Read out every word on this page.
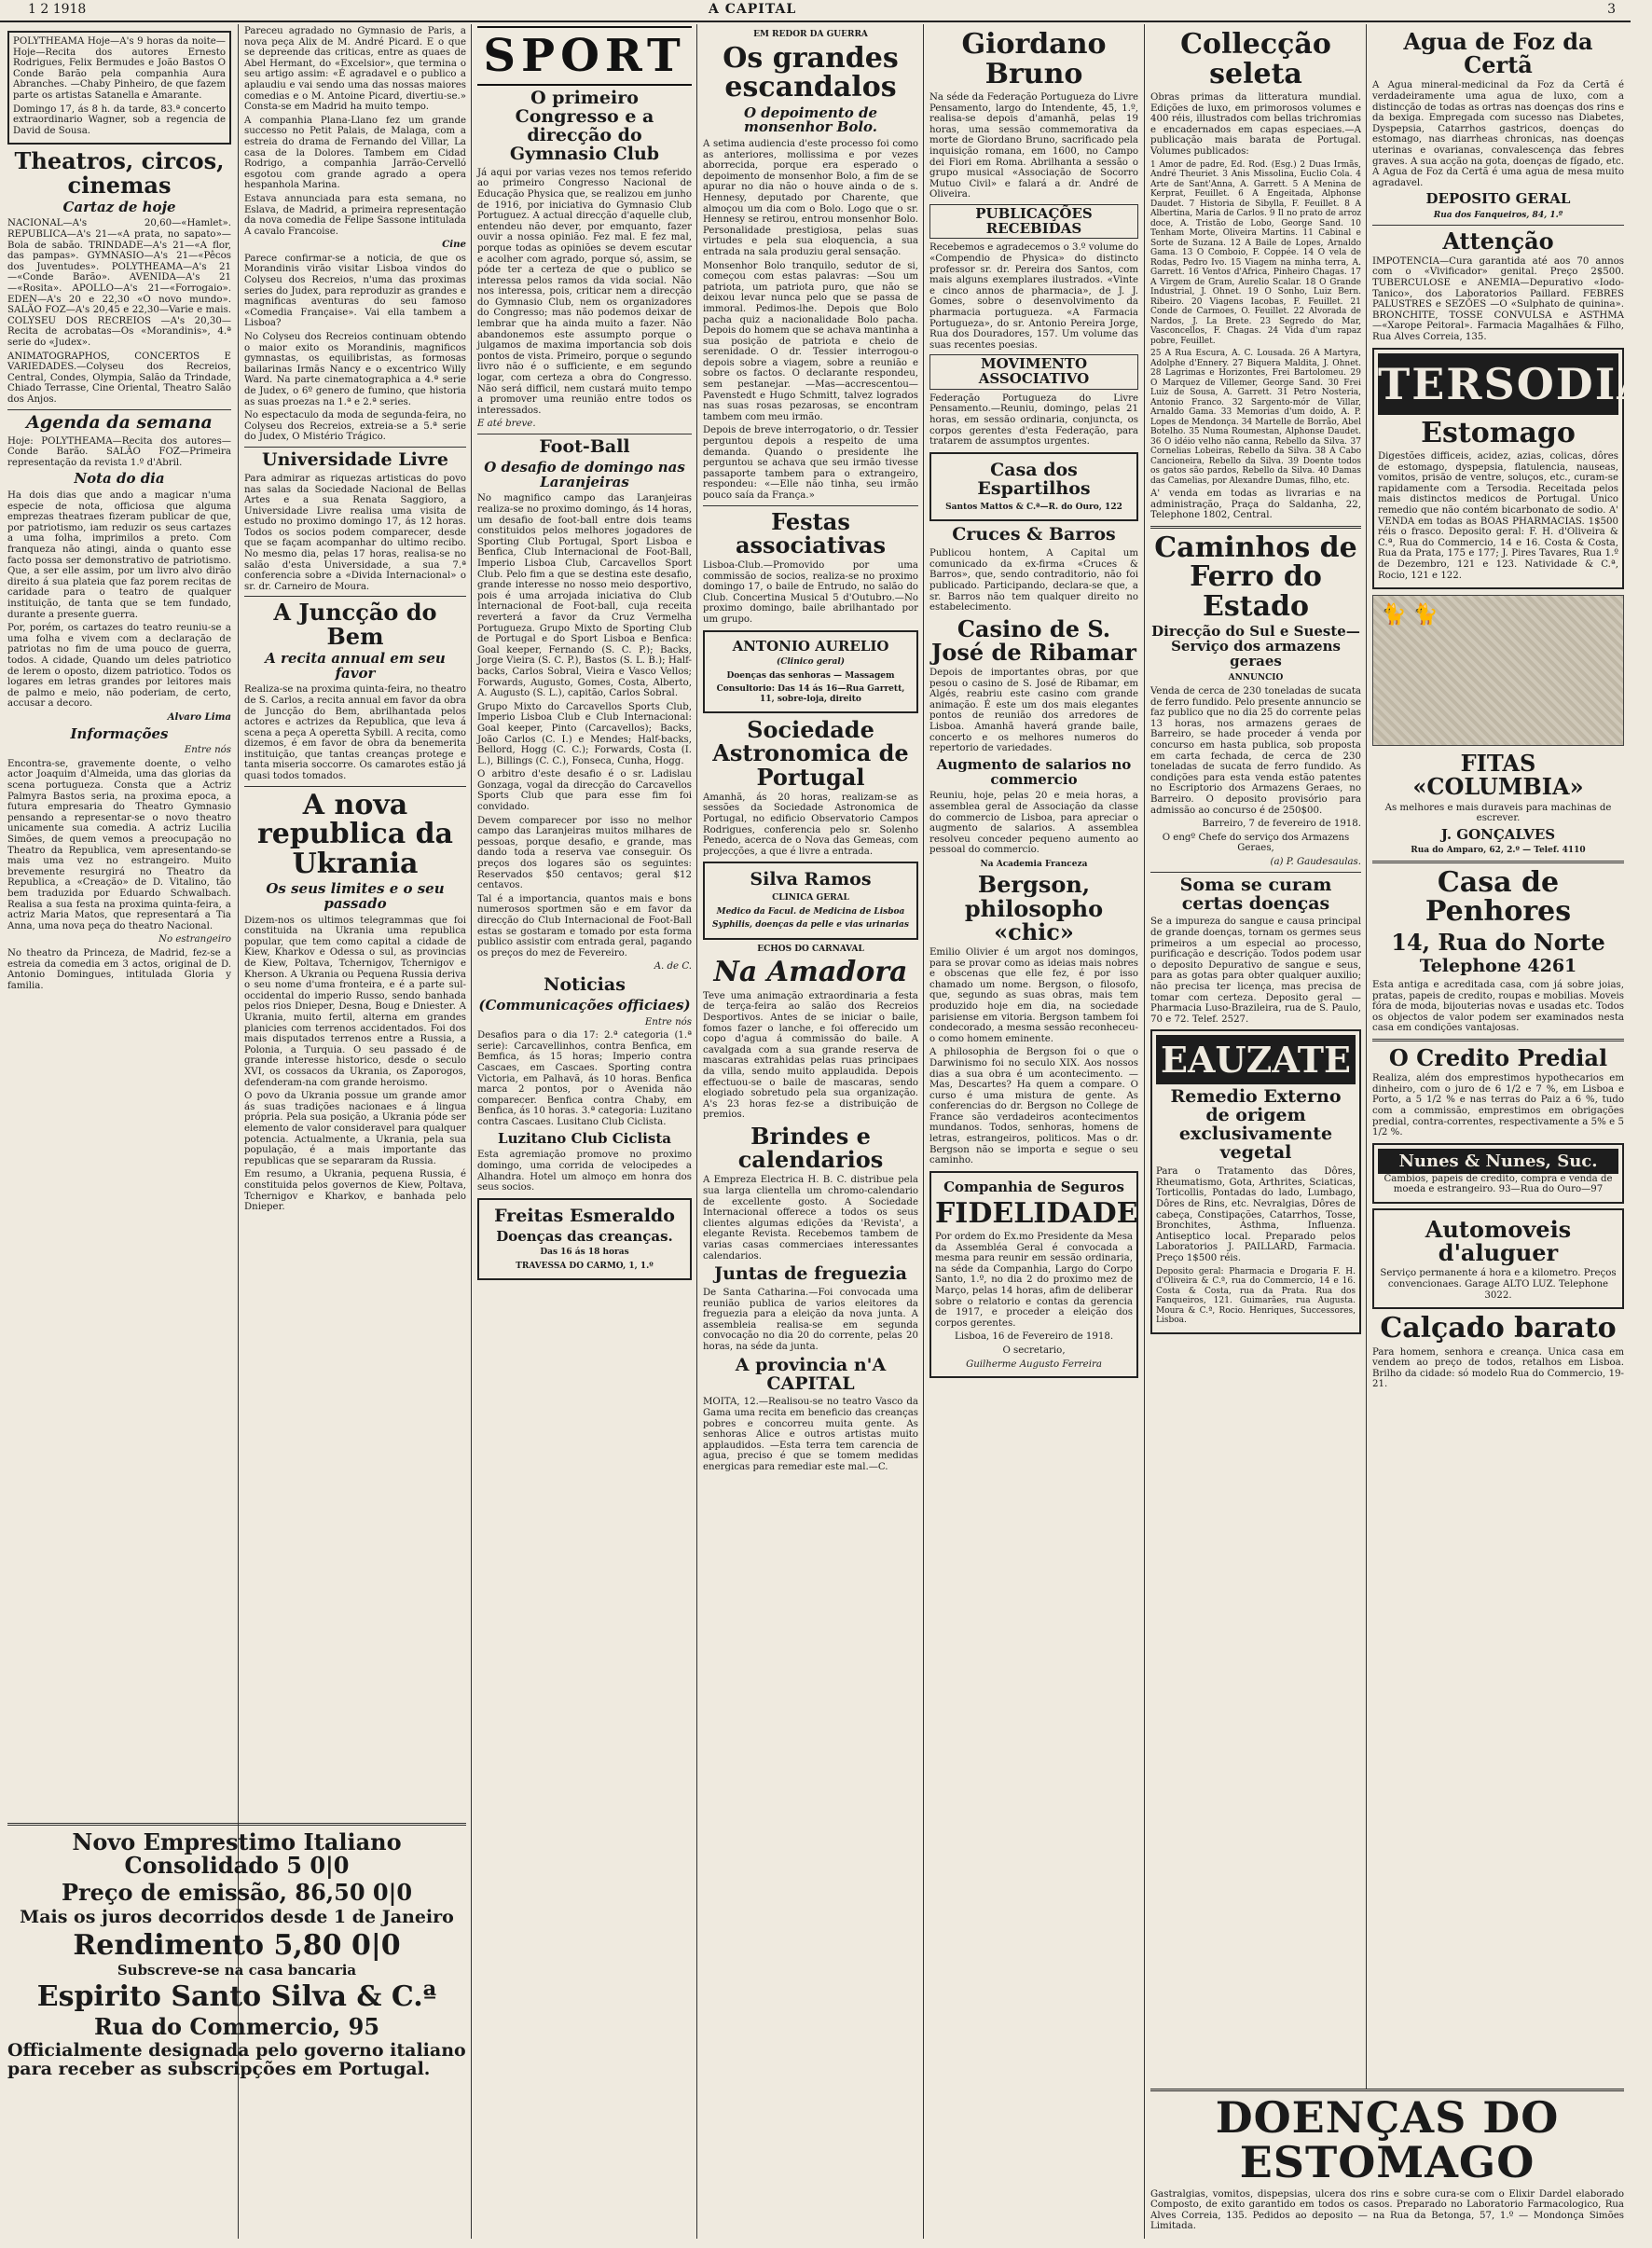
1 2 1918	A CAPITAL	3

POLYTHEAMA Hoje—A's 9 horas da noite—Hoje—Recita dos autores Ernesto Rodrigues, Felix Bermudes e João Bastos O Conde Barão pela companhia Aura Abranches. —Chaby Pinheiro, de que fazem parte os artistas Satanella e Amarante.

Domingo 17, ás 8 h. da tarde, 83.ª concerto extraordinario Wagner, sob a regencia de David de Sousa.

Theatros, circos, cinemas
Cartaz de hoje

NACIONAL—A's 20,60—«Hamlet». REPUBLICA—A's 21—«A prata, no sapato»—Bola de sabão. TRINDADE—A's 21—«A flor, das pampas». GYMNASIO—A's 21—«Pêcos dos Juventudes». POLYTHEAMA—A's 21—«Conde Barão». AVENIDA—A's 21—«Rosita». APOLLO—A's 21—«Forrogaio». EDEN—A's 20 e 22,30 «O novo mundo». SALÃO FOZ—A's 20,45 e 22,30—Varie e mais. COLYSEU DOS RECREIOS —A's 20,30—Recita de acrobatas—Os «Morandinis», 4.ª serie do «Judex».

ANIMATOGRAPHOS, CONCERTOS E VARIEDADES.—Colyseu dos Recreios, Central, Condes, Olympia, Salão da Trindade, Chiado Terrasse, Cine Oriental, Theatro Salão dos Anjos.

Agenda da semana

Hoje: POLYTHEAMA—Recita dos autores—Conde Barão. SALÃO FOZ—Primeira representação da revista 1.º d'Abril.

Nota do dia

Ha dois dias que ando a magicar n'uma especie de nota, officiosa que alguma emprezas theatraes fizeram publicar de que, por patriotismo, iam reduzir os seus cartazes a uma folha, imprimilos a preto. Com franqueza não atingi, ainda o quanto esse facto possa ser demonstrativo de patriotismo. Que, a ser elle assim, por um livro alvo dirão direito á sua plateia que faz porem recitas de caridade para o teatro de qualquer instituição, de tanta que se tem fundado, durante a presente guerra.

Por, porém, os cartazes do teatro reuniu-se a uma folha e vivem com a declaração de patriotas no fim de uma pouco de guerra, todos. A cidade, Quando um deles patriotico de lerem o oposto, dizem patriotico. Todos os logares em letras grandes por leitores mais de palmo e meio, não poderiam, de certo, accusar a decoro.

Alvaro Lima

Informações

Entre nós

Encontra-se, gravemente doente, o velho actor Joaquim d'Almeida, uma das glorias da scena portugueza. Consta que a Actriz Palmyra Bastos seria, na proxima epoca, a futura empresaria do Theatro Gymnasio pensando a representar-se o novo theatro unicamente sua comedia. A actriz Lucilia Simões, de quem vemos a preocupação no Theatro da Republica, vem apresentando-se mais uma vez no estrangeiro. Muito brevemente resurgirá no Theatro da Republica, a «Creação» de D. Vitalino, tão bem traduzida por Eduardo Schwalbach. Realisa a sua festa na proxima quinta-feira, a actriz Maria Matos, que representará a Tia Anna, uma nova peça do theatro Nacional.

No estrangeiro

No theatro da Princeza, de Madrid, fez-se a estreia da comedia em 3 actos, original de D. Antonio Domingues, intitulada Gloria y familia.

Novo Emprestimo Italiano Consolidado 5 0|0
Preço de emissão, 86,50 0|0
Mais os juros decorridos desde 1 de Janeiro
Rendimento 5,80 0|0
Subscreve-se na casa bancaria
Espirito Santo Silva & C.ª
Rua do Commercio, 95
Officialmente designada pelo governo italiano para receber as subscripções em Portugal.

Pareceu agradado no Gymnasio de Paris, a nova peça Alix de M. André Picard. E o que se depreende das criticas, entre as quaes de Abel Hermant, do «Excelsior», que termina o seu artigo assim: «É agradavel e o publico a aplaudiu e vai sendo uma das nossas maiores comedias e o M. Antoine Picard, divertiu-se.» Consta-se em Madrid ha muito tempo.

A companhia Plana-Llano fez um grande successo no Petit Palais, de Malaga, com a estreia do drama de Fernando del Villar, La casa de la Dolores. Tambem em Cidad Rodrigo, a companhia Jarrão-Cervelló esgotou com grande agrado a opera hespanhola Marina.

Estava annunciada para esta semana, no Eslava, de Madrid, a primeira representação da nova comedia de Felipe Sassone intitulada A cavalo Francoise.

Cine

Parece confirmar-se a noticia, de que os Morandinis virão visitar Lisboa vindos do Colyseu dos Recreios, n'uma das proximas series do Judex, para reproduzir as grandes e magnificas aventuras do seu famoso «Comedia Française». Vai ella tambem a Lisboa?

No Colyseu dos Recreios continuam obtendo o maior exito os Morandinis, magnificos gymnastas, os equilibristas, as formosas bailarinas Irmãs Nancy e o excentrico Willy Ward. Na parte cinematographica a 4.ª serie de Judex, o 6º genero de fumino, que historia as suas proezas na 1.ª e 2.ª series.

No espectaculo da moda de segunda-feira, no Colyseu dos Recreios, extreia-se a 5.ª serie do Judex, O Mistério Trágico.

Universidade Livre

Para admirar as riquezas artisticas do povo nas salas da Sociedade Nacional de Bellas Artes e a sua Renata Saggioro, a Universidade Livre realisa uma visita de estudo no proximo domingo 17, ás 12 horas. Todos os socios podem comparecer, desde que se façam acompanhar do ultimo recibo. No mesmo dia, pelas 17 horas, realisa-se no salão d'esta Universidade, a sua 7.ª conferencia sobre a «Divida Internacional» o sr. dr. Carneiro de Moura.

A Juncção do Bem
A recita annual em seu favor

Realiza-se na proxima quinta-feira, no theatro de S. Carlos, a recita annual em favor da obra de Juncção do Bem, abrilhantada pelos actores e actrizes da Republica, que leva á scena a peça A operetta Sybill. A recita, como dizemos, é em favor de obra da benemerita instituição, que tantas creanças protege e tanta miseria soccorre. Os camarotes estão já quasi todos tomados.

A nova republica da Ukrania
Os seus limites e o seu passado

Dizem-nos os ultimos telegrammas que foi constituida na Ukrania uma republica popular, que tem como capital a cidade de Kiew, Kharkov e Odessa o sul, as provincias de Kiew, Poltava, Tchernigov, Tchernigov e Kherson. A Ukrania ou Pequena Russia deriva o seu nome d'uma fronteira, e é a parte sul-occidental do imperio Russo, sendo banhada pelos rios Dnieper, Desna, Boug e Dniester. A Ukrania, muito fertil, alterna em grandes planicies com terrenos accidentados. Foi dos mais disputados terrenos entre a Russia, a Polonia, a Turquia. O seu passado é de grande interesse historico, desde o seculo XVI, os cossacos da Ukrania, os Zaporogos, defenderam-na com grande heroismo.

O povo da Ukrania possue um grande amor ás suas tradições nacionaes e á lingua própria. Pela sua posição, a Ukrania póde ser elemento de valor consideravel para qualquer potencia. Actualmente, a Ukrania, pela sua população, é a mais importante das republicas que se separaram da Russia.

Em resumo, a Ukrania, pequena Russia, é constituida pelos governos de Kiew, Poltava, Tchernigov e Kharkov, e banhada pelo Dnieper.

SPORT
O primeiro Congresso e a direcção do Gymnasio Club

Já aqui por varias vezes nos temos referido ao primeiro Congresso Nacional de Educação Physica que, se realizou em junho de 1916, por iniciativa do Gymnasio Club Portuguez. A actual direcção d'aquelle club, entendeu não dever, por emquanto, fazer ouvir a nossa opinião. Fez mal. E fez mal, porque todas as opiniões se devem escutar e acolher com agrado, porque só, assim, se póde ter a certeza de que o publico se interessa pelos ramos da vida social. Não nos interessa, pois, criticar nem a direcção do Gymnasio Club, nem os organizadores do Congresso; mas não podemos deixar de lembrar que ha ainda muito a fazer. Não abandonemos este assumpto porque o julgamos de maxima importancia sob dois pontos de vista. Primeiro, porque o segundo livro não é o sufficiente, e em segundo logar, com certeza a obra do Congresso. Não será difficil, nem custará muito tempo a promover uma reunião entre todos os interessados.

E até breve.

Foot-Ball
O desafio de domingo nas Laranjeiras

No magnifico campo das Laranjeiras realiza-se no proximo domingo, ás 14 horas, um desafio de foot-ball entre dois teams constituidos pelos melhores jogadores de Sporting Club Portugal, Sport Lisboa e Benfica, Club Internacional de Foot-Ball, Imperio Lisboa Club, Carcavellos Sport Club. Pelo fim a que se destina este desafio, grande interesse no nosso meio desportivo, pois é uma arrojada iniciativa do Club Internacional de Foot-ball, cuja receita reverterá a favor da Cruz Vermelha Portugueza. Grupo Mixto de Sporting Club de Portugal e do Sport Lisboa e Benfica: Goal keeper, Fernando (S. C. P.); Backs, Jorge Vieira (S. C. P.), Bastos (S. L. B.); Half-backs, Carlos Sobral, Vieira e Vasco Vellos; Forwards, Augusto, Gomes, Costa, Alberto, A. Augusto (S. L.), capitão, Carlos Sobral.

Grupo Mixto do Carcavellos Sports Club, Imperio Lisboa Club e Club Internacional: Goal keeper, Pinto (Carcavellos); Backs, João Carlos (C. I.) e Mendes; Half-backs, Bellord, Hogg (C. C.); Forwards, Costa (I. L.), Billings (C. C.), Fonseca, Cunha, Hogg.

O arbitro d'este desafio é o sr. Ladislau Gonzaga, vogal da direcção do Carcavellos Sports Club que para esse fim foi convidado.

Devem comparecer por isso no melhor campo das Laranjeiras muitos milhares de pessoas, porque desafio, e grande, mas dando toda a reserva vae conseguir. Os preços dos logares são os seguintes: Reservados $50 centavos; geral $12 centavos.

Tal é a importancia, quantos mais e bons numerosos sportmen são e em favor da direcção do Club Internacional de Foot-Ball estas se gostaram e tomado por esta forma publico assistir com entrada geral, pagando os preços do mez de Fevereiro.

A. de C.

Noticias
(Communicações officiaes)

Entre nós

Desafios para o dia 17: 2.ª categoria (1.ª serie): Carcavellinhos, contra Benfica, em Bemfica, ás 15 horas; Imperio contra Cascaes, em Cascaes. Sporting contra Victoria, em Palhavã, ás 10 horas. Benfica marca 2 pontos, por o Avenida não comparecer. Benfica contra Chaby, em Benfica, ás 10 horas. 3.ª categoria: Luzitano contra Cascaes. Lusitano Club Ciclista.

Luzitano Club Ciclista

Esta agremiação promove no proximo domingo, uma corrida de velocipedes a Alhandra. Hotel um almoço em honra dos seus socios.

Freitas Esmeraldo
Doenças das creanças.
Das 16 ás 18 horas
TRAVESSA DO CARMO, 1, 1.º
EM REDOR DA GUERRA
Os grandes escandalos
O depoimento de monsenhor Bolo.

A setima audiencia d'este processo foi como as anteriores, mollissima e por vezes aborrecida, porque era esperado o depoimento de monsenhor Bolo, a fim de se apurar no dia não o houve ainda o de s. Hennesy, deputado por Charente, que almoçou um dia com o Bolo. Logo que o sr. Hennesy se retirou, entrou monsenhor Bolo. Personalidade prestigiosa, pelas suas virtudes e pela sua eloquencia, a sua entrada na sala produziu geral sensação.

Monsenhor Bolo tranquilo, sedutor de si, começou com estas palavras: —Sou um patriota, um patriota puro, que não se deixou levar nunca pelo que se passa de immoral. Pedimos-lhe. Depois que Bolo pacha quiz a nacionalidade Bolo pacha. Depois do homem que se achava mantinha a sua posição de patriota e cheio de serenidade. O dr. Tessier interrogou-o depois sobre a viagem, sobre a reunião e sobre os factos. O declarante respondeu, sem pestanejar. —Mas—accrescentou—Pavenstedt e Hugo Schmitt, talvez logrados nas suas rosas pezarosas, se encontram tambem com meu irmão.

Depois de breve interrogatorio, o dr. Tessier perguntou depois a respeito de uma demanda. Quando o presidente lhe perguntou se achava que seu irmão tivesse passaporte tambem para o extrangeiro, respondeu: «—Elle não tinha, seu irmão pouco saía da França.»

Festas associativas

Lisboa-Club.—Promovido por uma commissão de socios, realiza-se no proximo domingo 17, o baile de Entrudo, no salão do Club. Concertina Musical 5 d'Outubro.—No proximo domingo, baile abrilhantado por um grupo.

ANTONIO AURELIO
(Clinico geral)
Doenças das senhoras — Massagem
Consultorio: Das 14 ás 16—Rua Garrett, 11, sobre-loja, direito
Sociedade Astronomica de Portugal

Amanhã, ás 20 horas, realizam-se as sessões da Sociedade Astronomica de Portugal, no edificio Observatorio Campos Rodrigues, conferencia pelo sr. Solenho Penedo, acerca de o Nova das Gemeas, com projecções, a que é livre a entrada.

Silva Ramos
CLINICA GERAL
Medico da Facul. de Medicina de Lisboa
Syphilis, doenças da pelle e vias urinarias
ECHOS DO CARNAVAL
Na Amadora

Teve uma animação extraordinaria a festa de terça-feira ao salão dos Recreios Desportivos. Antes de se iniciar o baile, fomos fazer o lanche, e foi offerecido um copo d'agua á commissão do baile. A cavalgada com a sua grande reserva de mascaras extrahidas pelas ruas principaes da villa, sendo muito applaudida. Depois effectuou-se o baile de mascaras, sendo elogiado sobretudo pela sua organização. A's 23 horas fez-se a distribuição de premios.

Brindes e calendarios

A Empreza Electrica H. B. C. distribue pela sua larga clientella um chromo-calendario de excellente gosto. A Sociedade Internacional offerece a todos os seus clientes algumas edições da 'Revista', a elegante Revista. Recebemos tambem de varias casas commerciaes interessantes calendarios.

Juntas de freguezia

De Santa Catharina.—Foi convocada uma reunião publica de varios eleitores da freguezia para a eleição da nova junta. A assembleia realisa-se em segunda convocação no dia 20 do corrente, pelas 20 horas, na séde da junta.

A provincia n'A CAPITAL

MOITA, 12.—Realisou-se no teatro Vasco da Gama uma recita em beneficio das creanças pobres e concorreu muita gente. As senhoras Alice e outros artistas muito applaudidos. —Esta terra tem carencia de agua, preciso é que se tomem medidas energicas para remediar este mal.—C.

Giordano Bruno

Na séde da Federação Portugueza do Livre Pensamento, largo do Intendente, 45, 1.º, realisa-se depois d'amanhã, pelas 19 horas, uma sessão commemorativa da morte de Giordano Bruno, sacrificado pela inquisição romana, em 1600, no Campo dei Fiori em Roma. Abrilhanta a sessão o grupo musical «Associação de Socorro Mutuo Civil» e falará a dr. André de Oliveira.

PUBLICAÇÕES RECEBIDAS

Recebemos e agradecemos o 3.º volume do «Compendio de Physica» do distincto professor sr. dr. Pereira dos Santos, com mais alguns exemplares ilustrados. «Vinte e cinco annos de pharmacia», de J. J. Gomes, sobre o desenvolvimento da pharmacia portugueza. «A Farmacia Portugueza», do sr. Antonio Pereira Jorge, Rua dos Douradores, 157. Um volume das suas recentes poesias.

MOVIMENTO ASSOCIATIVO

Federação Portugueza do Livre Pensamento.—Reuniu, domingo, pelas 21 horas, em sessão ordinaria, conjuncta, os corpos gerentes d'esta Federação, para tratarem de assumptos urgentes.

Casa dos Espartilhos
Santos Mattos & C.ª—R. do Ouro, 122
Cruces & Barros

Publicou hontem, A Capital um comunicado da ex-firma «Cruces & Barros», que, sendo contraditorio, não foi publicado. Participando, declara-se que, a sr. Barros não tem qualquer direito no estabelecimento.

Casino de S. José de Ribamar

Depois de importantes obras, por que pesou o casino de S. José de Ribamar, em Algés, reabriu este casino com grande animação. É este um dos mais elegantes pontos de reunião dos arredores de Lisboa. Amanhã haverá grande baile, concerto e os melhores numeros do repertorio de variedades.

Augmento de salarios no commercio

Reuniu, hoje, pelas 20 e meia horas, a assemblea geral de Associação da classe do commercio de Lisboa, para apreciar o augmento de salarios. A assemblea resolveu conceder pequeno aumento ao pessoal do commercio.

Na Academia Franceza
Bergson, philosopho «chic»

Emilio Olivier é um argot nos domingos, para se provar como as ideias mais nobres e obscenas que elle fez, é por isso chamado um nome. Bergson, o filosofo, que, segundo as suas obras, mais tem produzido hoje em dia, na sociedade parisiense em vitoria. Bergson tambem foi condecorado, a mesma sessão reconheceu-o como homem eminente.

A philosophia de Bergson foi o que o Darwinismo foi no seculo XIX. Aos nossos dias a sua obra é um acontecimento. —Mas, Descartes? Ha quem a compare. O curso é uma mistura de gente. As conferencias do dr. Bergson no College de France são verdadeiros acontecimentos mundanos. Todos, senhoras, homens de letras, estrangeiros, politicos. Mas o dr. Bergson não se importa e segue o seu caminho.

Companhia de Seguros
FIDELIDADE

Por ordem do Ex.mo Presidente da Mesa da Assembléa Geral é convocada a mesma para reunir em sessão ordinaria, na séde da Companhia, Largo do Corpo Santo, 1.º, no dia 2 do proximo mez de Março, pelas 14 horas, afim de deliberar sobre o relatorio e contas da gerencia de 1917, e proceder a eleição dos corpos gerentes.

Lisboa, 16 de Fevereiro de 1918.

O secretario,

Guilherme Augusto Ferreira

Collecção seleta

Obras primas da litteratura mundial. Edições de luxo, em primorosos volumes e 400 réis, illustrados com bellas trichromias e encadernados em capas especiaes.—A publicação mais barata de Portugal. Volumes publicados:

1 Amor de padre, Ed. Rod. (Esg.) 2 Duas Irmãs, André Theuriet. 3 Anis Missolina, Euclio Cola. 4 Arte de Sant'Anna, A. Garrett. 5 A Menina de Kerprat, Feuillet. 6 A Engeitada, Alphonse Daudet. 7 Historia de Sibylla, F. Feuillet. 8 A Albertina, Maria de Carlos. 9 Il no prato de arroz doce, A. Tristão de Lobo, George Sand. 10 Tenham Morte, Oliveira Martins. 11 Cabinal e Sorte de Suzana. 12 A Baile de Lopes, Arnaldo Gama. 13 O Comboio, F. Coppée. 14 O vela de Rodas, Pedro Ivo. 15 Viagem na minha terra, A. Garrett. 16 Ventos d'Africa, Pinheiro Chagas. 17 A Virgem de Gram, Aurelio Scalar. 18 O Grande Industrial, J. Ohnet. 19 O Sonho, Luiz Bern. Ribeiro. 20 Viagens Iacobas, F. Feuillet. 21 Conde de Carmoes, O. Feuillet. 22 Alvorada de Nardos, J. La Brete. 23 Segredo do Mar, Vasconcellos, F. Chagas. 24 Vida d'um rapaz pobre, Feuillet.

25 A Rua Escura, A. C. Lousada. 26 A Martyra, Adolphe d'Ennery. 27 Biquera Maldita, J. Ohnet. 28 Lagrimas e Horizontes, Frei Bartolomeu. 29 O Marquez de Villemer, George Sand. 30 Frei Luiz de Sousa, A. Garrett. 31 Petro Nosteria, Antonio Franco. 32 Sargento-mór de Villar, Arnaldo Gama. 33 Memorias d'um doido, A. P. Lopes de Mendonça. 34 Martelle de Borrão, Abel Botelho. 35 Numa Roumestan, Alphonse Daudet. 36 O idéio velho não canna, Rebello da Silva. 37 Cornelias Lobeiras, Rebello da Silva. 38 A Cabo Cancioneira, Rebello da Silva. 39 Doente todos os gatos são pardos, Rebello da Silva. 40 Damas das Camelias, por Alexandre Dumas, filho, etc.

A' venda em todas as livrarias e na administração, Praça do Saldanha, 22, Telephone 1802, Central.

Caminhos de Ferro do Estado
Direcção do Sul e Sueste—Serviço dos armazens geraes
ANNUNCIO

Venda de cerca de 230 toneladas de sucata de ferro fundido. Pelo presente annuncio se faz publico que no dia 25 do corrente pelas 13 horas, nos armazens geraes de Barreiro, se hade proceder á venda por concurso em hasta publica, sob proposta em carta fechada, de cerca de 230 toneladas de sucata de ferro fundido. As condições para esta venda estão patentes no Escriptorio dos Armazens Geraes, no Barreiro. O deposito provisório para admissão ao concurso é de 250$00.

Barreiro, 7 de fevereiro de 1918.

O engº Chefe do serviço dos Armazens Geraes,

(a) P. Gaudesaulas.

Soma se curam certas doenças

Se a impureza do sangue e causa principal de grande doenças, tornam os germes seus primeiros a um especial ao processo, purificação e descrição. Todos podem usar o deposito Depurativo de sangue e seus, para as gotas para obter qualquer auxilio; não precisa ter licença, mas precisa de tomar com certeza. Deposito geral — Pharmacia Luso-Brazileira, rua de S. Paulo, 70 e 72. Telef. 2527.

EAUZATE
Remedio Externo de origem exclusivamente vegetal

Para o Tratamento das Dôres, Rheumatismo, Gota, Arthrites, Sciaticas, Torticollis, Pontadas do lado, Lumbago, Dôres de Rins, etc. Nevralgias, Dôres de cabeça, Constipações, Catarrhos, Tosse, Bronchites, Asthma, Influenza. Antiseptico local. Preparado pelos Laboratorios J. PAILLARD, Farmacia. Preço 1$500 réis.

Deposito geral: Pharmacia e Drogaria F. H. d'Oliveira & C.ª, rua do Commercio, 14 e 16. Costa & Costa, rua da Prata. Rua dos Fanqueiros, 121. Guimarães, rua Augusta. Moura & C.ª, Rocio. Henriques, Successores, Lisboa.

Agua de Foz da Certã

A Agua mineral-medicinal da Foz da Certã é verdadeiramente uma agua de luxo, com a distincção de todas as ortras nas doenças dos rins e da bexiga. Empregada com sucesso nas Diabetes, Dyspepsia, Catarrhos gastricos, doenças do estomago, nas diarrheas chronicas, nas doenças uterinas e ovarianas, convalescença das febres graves. A sua acção na gota, doenças de fígado, etc. A Agua de Foz da Certã é uma agua de mesa muito agradavel.

DEPOSITO GERAL
Rua dos Fanqueiros, 84, 1.º
Attenção

IMPOTENCIA—Cura garantida até aos 70 annos com o «Vivificador» genital. Preço 2$500. TUBERCULOSE e ANEMIA—Depurativo «Iodo-Tanico», dos Laboratorios Paillard. FEBRES PALUSTRES e SEZÕES —O «Sulphato de quinina». BRONCHITE, TOSSE CONVULSA e ASTHMA—«Xarope Peitoral». Farmacia Magalhães & Filho, Rua Alves Correia, 135.

TERSODIA
Estomago

Digestões difficeis, acidez, azias, colicas, dôres de estomago, dyspepsia, flatulencia, nauseas, vomitos, prisão de ventre, soluços, etc., curam-se rapidamente com a Tersodia. Receitada pelos mais distinctos medicos de Portugal. Unico remedio que não contém bicarbonato de sodio. A' VENDA em todas as BOAS PHARMACIAS. 1$500 réis o frasco. Deposito geral: F. H. d'Oliveira & C.ª, Rua do Commercio, 14 e 16. Costa & Costa, Rua da Prata, 175 e 177; J. Pires Tavares, Rua 1.º de Dezembro, 121 e 123. Natividade & C.ª, Rocio, 121 e 122.

🐈 🐈
FITAS «COLUMBIA»

As melhores e mais duraveis para machinas de escrever.

J. GONÇALVES
Rua do Amparo, 62, 2.º — Telef. 4110
Casa de Penhores
14, Rua do Norte
Telephone 4261

Esta antiga e acreditada casa, com já sobre joias, pratas, papeis de credito, roupas e mobilias. Moveis fóra de moda, bijouterias novas e usadas etc. Todos os objectos de valor podem ser examinados nesta casa em condições vantajosas.

O Credito Predial

Realiza, além dos emprestimos hypothecarios em dinheiro, com o juro de 6 1/2 e 7 %, em Lisboa e Porto, a 5 1/2 % e nas terras do Paiz a 6 %, tudo com a commissão, emprestimos em obrigações predial, contra-correntes, respectivamente a 5% e 5 1/2 %.

Nunes & Nunes, Suc.

Cambios, papeis de credito, compra e venda de moeda e estrangeiro. 93—Rua do Ouro—97

Automoveis d'aluguer

Serviço permanente á hora e a kilometro. Preços convencionaes. Garage ALTO LUZ. Telephone 3022.

Calçado barato

Para homem, senhora e creança. Unica casa em vendem ao preço de todos, retalhos em Lisboa. Brilho da cidade: só modelo Rua do Commercio, 19-21.

DOENÇAS DO ESTOMAGO

Gastralgias, vomitos, dispepsias, ulcera dos rins e sobre cura-se com o Elixir Dardel elaborado Composto, de exito garantido em todos os casos. Preparado no Laboratorio Farmacologico, Rua Alves Correia, 135. Pedidos ao deposito — na Rua da Betonga, 57, 1.º — Mondonça Simões Limitada.
